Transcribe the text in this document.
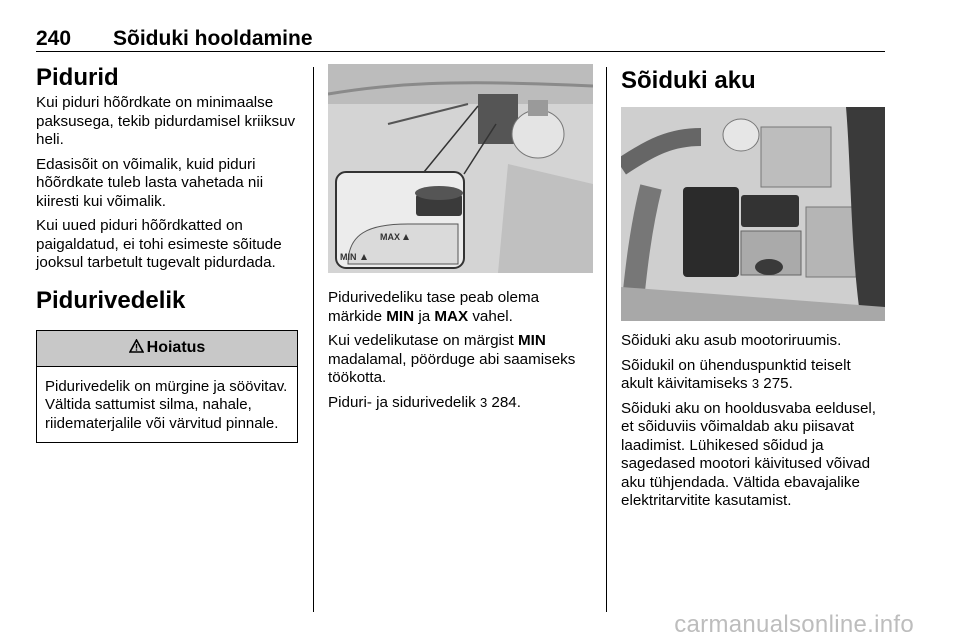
240 Sõiduki hooldamine
Pidurid

Kui piduri hõõrdkate on minimaalse paksusega, tekib pidurdamisel kriiksuv heli.

Edasisõit on võimalik, kuid piduri hõõrdkate tuleb lasta vahetada nii kiiresti kui võimalik.

Kui uued piduri hõõrdkatted on paigaldatud, ei tohi esimeste sõitude jooksul tarbetult tugevalt pidurdada.

Pidurivedelik
Hoiatus
Pidurivedelik on mürgine ja söövitav. Vältida sattumist silma, nahale, riidematerjalile või värvitud pinnale.
MAX
MIN

Pidurivedeliku tase peab olema märkide MIN ja MAX vahel.

Kui vedelikutase on märgist MIN madalamal, pöörduge abi saamiseks töökotta.

Piduri- ja sidurivedelik 3 284.

Sõiduki aku

Sõiduki aku asub mootoriruumis.

Sõidukil on ühenduspunktid teiselt akult käivitamiseks 3 275.

Sõiduki aku on hooldusvaba eeldusel, et sõiduviis võimaldab aku piisavat laadimist. Lühikesed sõidud ja sagedased mootori käivitused võivad aku tühjendada. Vältida ebavajalike elektritarvitite kasutamist.

carmanualsonline.info
